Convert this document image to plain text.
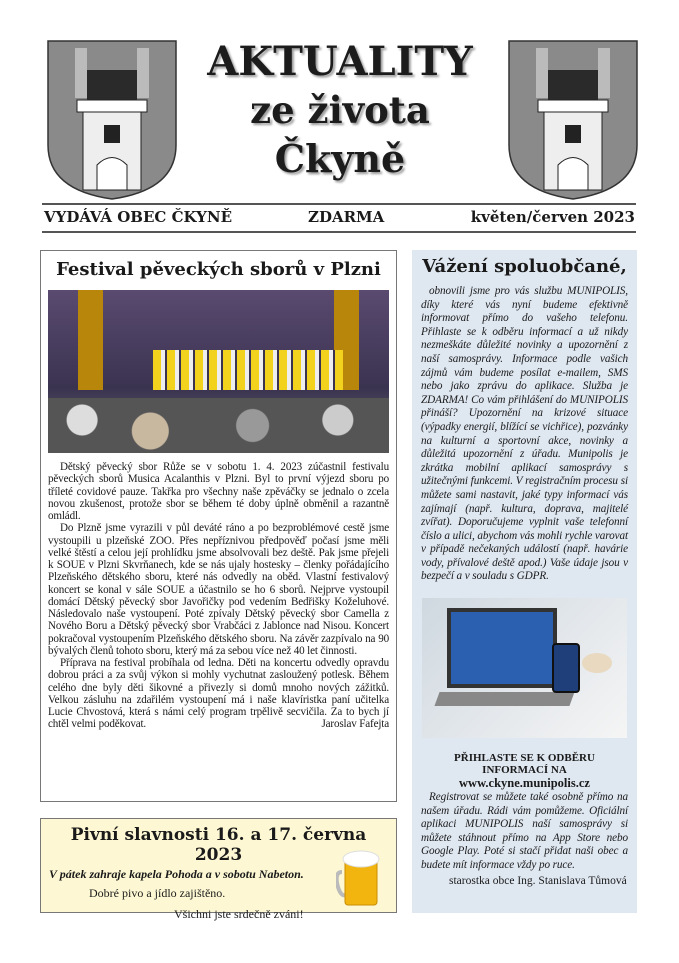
AKTUALITY
ze života
Čkyně
VYDÁVÁ OBEC ČKYNĚ	ZDARMA	květen/červen 2023
Festival pěveckých sborů v Plzni

Dětský pěvecký sbor Růže se v sobotu 1. 4. 2023 zúčastnil festivalu pěveckých sborů Musica Acalanthis v Plzni. Byl to první výjezd sboru po tříleté covidové pauze. Takřka pro všechny naše zpěváčky se jednalo o zcela novou zkušenost, protože sbor se během té doby úplně obměnil a razantně omládl.

Do Plzně jsme vyrazili v půl deváté ráno a po bezproblémové cestě jsme vystoupili u plzeňské ZOO. Přes nepříznivou předpověď počasí jsme měli velké štěstí a celou její prohlídku jsme absolvovali bez deště. Pak jsme přejeli k SOUE v Plzni Skvrňanech, kde se nás ujaly hostesky – členky pořádajícího Plzeňského dětského sboru, které nás odvedly na oběd. Vlastní festivalový koncert se konal v sále SOUE a účastnilo se ho 6 sborů. Nejprve vystoupil domácí Dětský pěvecký sbor Javořičky pod vedením Bedřišky Koželuhové. Následovalo naše vystoupení. Poté zpívaly Dětský pěvecký sbor Camella z Nového Boru a Dětský pěvecký sbor Vrabčáci z Jablonce nad Nisou. Koncert pokračoval vystoupením Plzeňského dětského sboru. Na závěr zazpívalo na 90 bývalých členů tohoto sboru, který má za sebou více než 40 let činnosti.

Příprava na festival probíhala od ledna. Děti na koncertu odvedly opravdu dobrou práci a za svůj výkon si mohly vychutnat zasloužený potlesk. Během celého dne byly děti šikovné a přivezly si domů mnoho nových zážitků. Velkou zásluhu na zdařilém vystoupení má i naše klavíristka paní učitelka Lucie Chvostová, která s námi celý program trpělivě secvičila. Za to bych jí chtěl velmi poděkovat.	Jaroslav Fafejta

Vážení spoluobčané,

obnovili jsme pro vás službu MUNIPOLIS, díky které vás nyní budeme efektivně informovat přímo do vašeho telefonu. Přihlaste se k odběru informací a už nikdy nezmeškáte důležité novinky a upozornění z naší samosprávy. Informace podle vašich zájmů vám budeme posílat e-mailem, SMS nebo jako zprávu do aplikace. Služba je ZDARMA! Co vám přihlášení do MUNIPOLIS přináší? Upozornění na krizové situace (výpadky energií, blížící se vichřice), pozvánky na kulturní a sportovní akce, novinky a důležitá upozornění z úřadu. Munipolis je zkrátka mobilní aplikací samosprávy s užitečnými funkcemi. V registračním procesu si můžete sami nastavit, jaké typy informací vás zajímají (např. kultura, doprava, majitelé zvířat). Doporučujeme vyplnit vaše telefonní číslo a ulici, abychom vás mohli rychle varovat v případě nečekaných událostí (např. havárie vody, přívalové deště apod.) Vaše údaje jsou v bezpečí a v souladu s GDPR.

PŘIHLASTE SE K ODBĚRU INFORMACÍ NA
www.ckyne.munipolis.cz

Registrovat se můžete také osobně přímo na našem úřadu. Rádi vám pomůžeme. Oficiální aplikaci MUNIPOLIS naší samosprávy si můžete stáhnout přímo na App Store nebo Google Play. Poté si stačí přidat naši obec a budete mít informace vždy po ruce.

starostka obce Ing. Stanislava Tůmová
Pivní slavnosti 16. a 17. června 2023
V pátek zahraje kapela Pohoda a v sobotu Nabeton.
Dobré pivo a jídlo zajištěno.
Všichni jste srdečně zváni!
